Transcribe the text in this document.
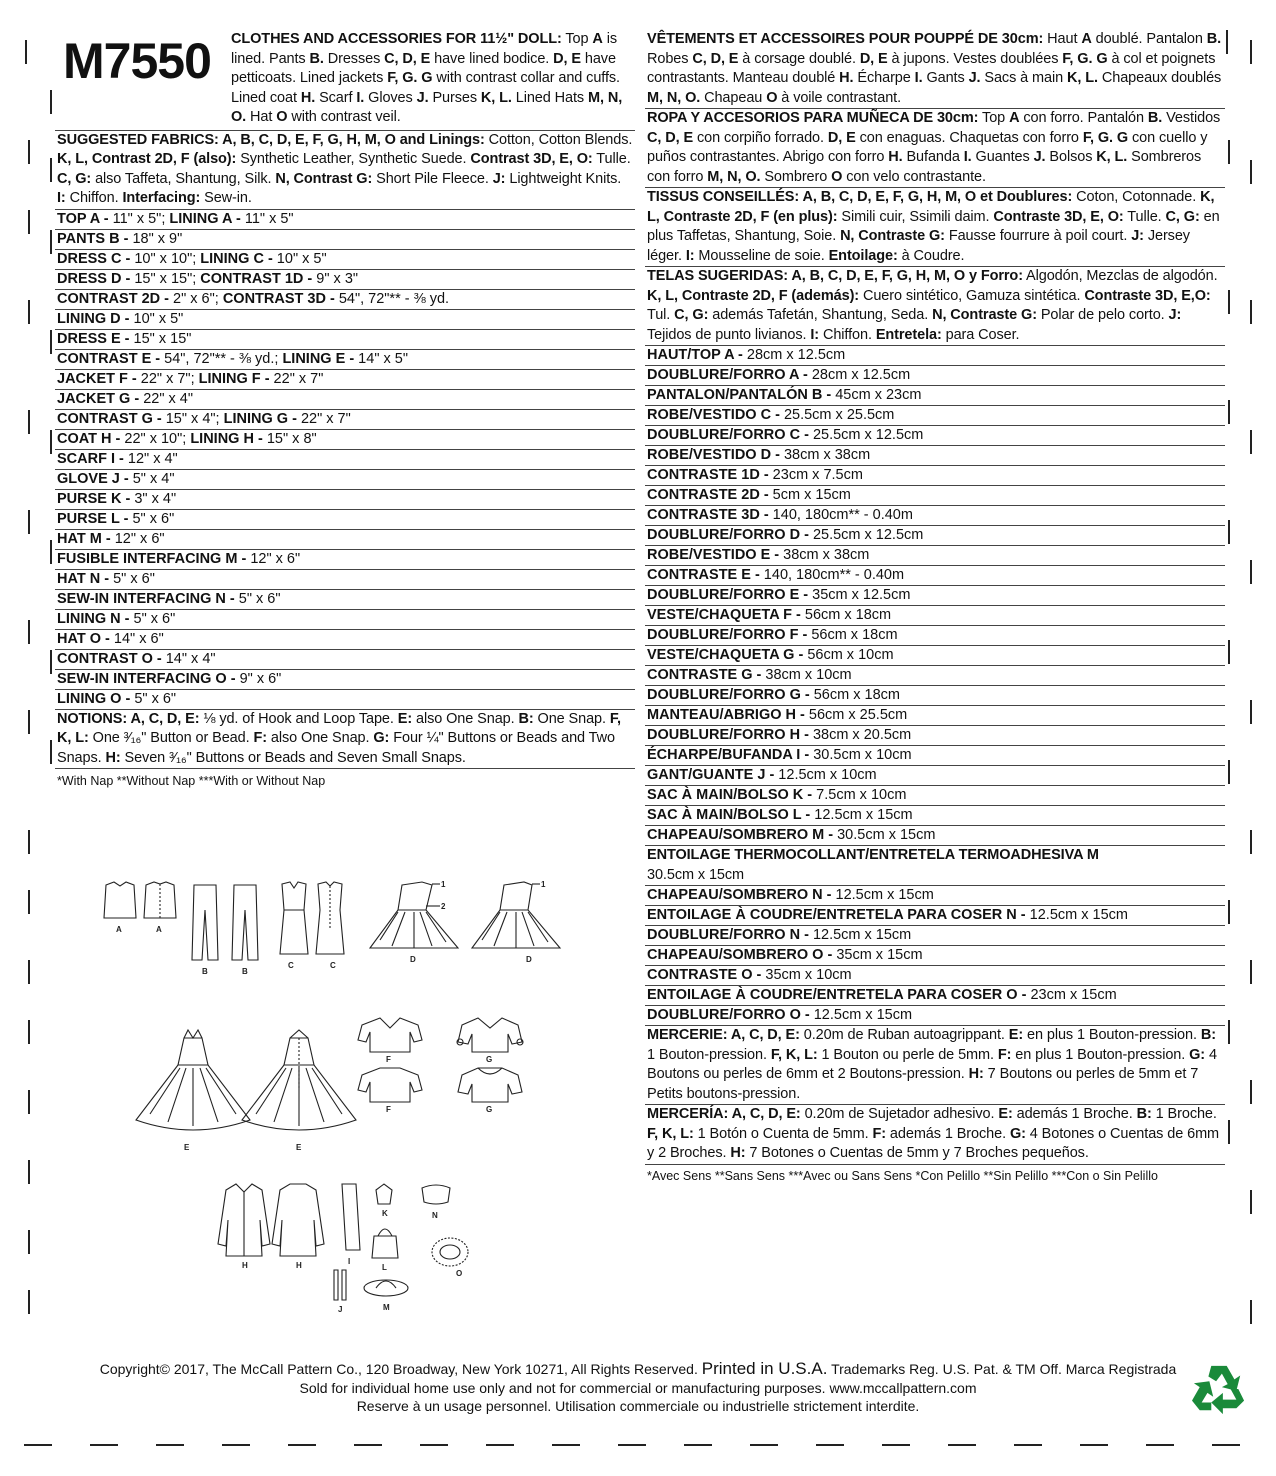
M7550 CLOTHES AND ACCESSORIES FOR 11½" DOLL: Top A is lined. Pants B. Dresses C, D, E have lined bodice. D, E have petticoats. Lined jackets F, G. G with contrast collar and cuffs. Lined coat H. Scarf I. Gloves J. Purses K, L. Lined Hats M, N, O. Hat O with contrast veil.
SUGGESTED FABRICS: A, B, C, D, E, F, G, H, M, O and Linings: Cotton, Cotton Blends. K, L, Contrast 2D, F (also): Synthetic Leather, Synthetic Suede. Contrast 3D, E, O: Tulle. C, G: also Taffeta, Shantung, Silk. N, Contrast G: Short Pile Fleece. J: Lightweight Knits. I: Chiffon. Interfacing: Sew-in.
TOP A - 11" x 5"; LINING A - 11" x 5"
PANTS B - 18" x 9"
DRESS C - 10" x 10"; LINING C - 10" x 5"
DRESS D - 15" x 15"; CONTRAST 1D - 9" x 3"
CONTRAST 2D - 2" x 6"; CONTRAST 3D - 54", 72"** - ⅜ yd.
LINING D - 10" x 5"
DRESS E - 15" x 15"
CONTRAST E - 54", 72"** - ⅜ yd.; LINING E - 14" x 5"
JACKET F - 22" x 7"; LINING F - 22" x 7"
JACKET G - 22" x 4"
CONTRAST G - 15" x 4"; LINING G - 22" x 7"
COAT H - 22" x 10"; LINING H - 15" x 8"
SCARF I - 12" x 4"
GLOVE J - 5" x 4"
PURSE K - 3" x 4"
PURSE L - 5" x 6"
HAT M - 12" x 6"
FUSIBLE INTERFACING M - 12" x 6"
HAT N - 5" x 6"
SEW-IN INTERFACING N - 5" x 6"
LINING N - 5" x 6"
HAT O - 14" x 6"
CONTRAST O - 14" x 4"
SEW-IN INTERFACING O - 9" x 6"
LINING O - 5" x 6"
NOTIONS: A, C, D, E: ⅛ yd. of Hook and Loop Tape. E: also One Snap. B: One Snap. F, K, L: One ³⁄₁₆" Button or Bead. F: also One Snap. G: Four ¼" Buttons or Beads and Two Snaps. H: Seven ³⁄₁₆" Buttons or Beads and Seven Small Snaps.
*With Nap **Without Nap ***With or Without Nap
VÊTEMENTS ET ACCESSOIRES POUR POUPPÉ DE 30cm: Haut A doublé. Pantalon B. Robes C, D, E à corsage doublé. D, E à jupons. Vestes doublées F, G. G à col et poignets contrastants. Manteau doublé H. Écharpe I. Gants J. Sacs à main K, L. Chapeaux doublés M, N, O. Chapeau O à voile contrastant.
ROPA Y ACCESORIOS PARA MUÑECA DE 30cm: Top A con forro. Pantalón B. Vestidos C, D, E con corpiño forrado. D, E con enaguas. Chaquetas con forro F, G. G con cuello y puños contrastantes. Abrigo con forro H. Bufanda I. Guantes J. Bolsos K, L. Sombreros con forro M, N, O. Sombrero O con velo contrastante.
TISSUS CONSEILLÉS: A, B, C, D, E, F, G, H, M, O et Doublures: Coton, Cotonnade. K, L, Contraste 2D, F (en plus): Simili cuir, Ssimili daim. Contraste 3D, E, O: Tulle. C, G: en plus Taffetas, Shantung, Soie. N, Contraste G: Fausse fourrure à poil court. J: Jersey léger. I: Mousseline de soie. Entoilage: à Coudre.
TELAS SUGERIDAS: A, B, C, D, E, F, G, H, M, O y Forro: Algodón, Mezclas de algodón. K, L, Contraste 2D, F (además): Cuero sintético, Gamuza sintética. Contraste 3D, E,O: Tul. C, G: además Tafetán, Shantung, Seda. N, Contraste G: Polar de pelo corto. J: Tejidos de punto livianos. I: Chiffon. Entretela: para Coser.
HAUT/TOP A - 28cm x 12.5cm
DOUBLURE/FORRO A - 28cm x 12.5cm
PANTALON/PANTALÓN B - 45cm x 23cm
ROBE/VESTIDO C - 25.5cm x 25.5cm
DOUBLURE/FORRO C - 25.5cm x 12.5cm
ROBE/VESTIDO D - 38cm x 38cm
CONTRASTE 1D - 23cm x 7.5cm
CONTRASTE 2D - 5cm x 15cm
CONTRASTE 3D - 140, 180cm** - 0.40m
DOUBLURE/FORRO D - 25.5cm x 12.5cm
ROBE/VESTIDO E - 38cm x 38cm
CONTRASTE E - 140, 180cm** - 0.40m
DOUBLURE/FORRO E - 35cm x 12.5cm
VESTE/CHAQUETA F - 56cm x 18cm
DOUBLURE/FORRO F - 56cm x 18cm
VESTE/CHAQUETA G - 56cm x 10cm
CONTRASTE G - 38cm x 10cm
DOUBLURE/FORRO G - 56cm x 18cm
MANTEAU/ABRIGO H - 56cm x 25.5cm
DOUBLURE/FORRO H - 38cm x 20.5cm
ÉCHARPE/BUFANDA I - 30.5cm x 10cm
GANT/GUANTE J - 12.5cm x 10cm
SAC À MAIN/BOLSO K - 7.5cm x 10cm
SAC À MAIN/BOLSO L - 12.5cm x 15cm
CHAPEAU/SOMBRERO M - 30.5cm x 15cm
ENTOILAGE THERMOCOLLANT/ENTRETELA TERMOADHESIVA M
30.5cm x 15cm
CHAPEAU/SOMBRERO N - 12.5cm x 15cm
ENTOILAGE À COUDRE/ENTRETELA PARA COSER N - 12.5cm x 15cm
DOUBLURE/FORRO N - 12.5cm x 15cm
CHAPEAU/SOMBRERO O - 35cm x 15cm
CONTRASTE O - 35cm x 10cm
ENTOILAGE À COUDRE/ENTRETELA PARA COSER O - 23cm x 15cm
DOUBLURE/FORRO O - 12.5cm x 15cm
MERCERIE: A, C, D, E: 0.20m de Ruban autoagrippant. E: en plus 1 Bouton-pression. B: 1 Bouton-pression. F, K, L: 1 Bouton ou perle de 5mm. F: en plus 1 Bouton-pression. G: 4 Boutons ou perles de 6mm et 2 Boutons-pression. H: 7 Boutons ou perles de 5mm et 7 Petits boutons-pression.
MERCERÍA: A, C, D, E: 0.20m de Sujetador adhesivo. E: además 1 Broche. B: 1 Broche. F, K, L: 1 Botón o Cuenta de 5mm. F: además 1 Broche. G: 4 Botones o Cuentas de 6mm y 2 Broches. H: 7 Botones o Cuentas de 5mm y 7 Broches pequeños.
*Avec Sens **Sans Sens ***Avec ou Sans Sens *Con Pelillo **Sin Pelillo ***Con o Sin Pelillo
A	A
B	B
C	C
D	D
1
2
1
E	E
F
F
G
G
H	H	I
J
K
L
M
N
O
Copyright© 2017, The McCall Pattern Co., 120 Broadway, New York 10271, All Rights Reserved. Printed in U.S.A. Trademarks Reg. U.S. Pat. & TM Off. Marca Registrada
Sold for individual home use only and not for commercial or manufacturing purposes. www.mccallpattern.com
Reserve à un usage personnel. Utilisation commerciale ou industrielle strictement interdite.
